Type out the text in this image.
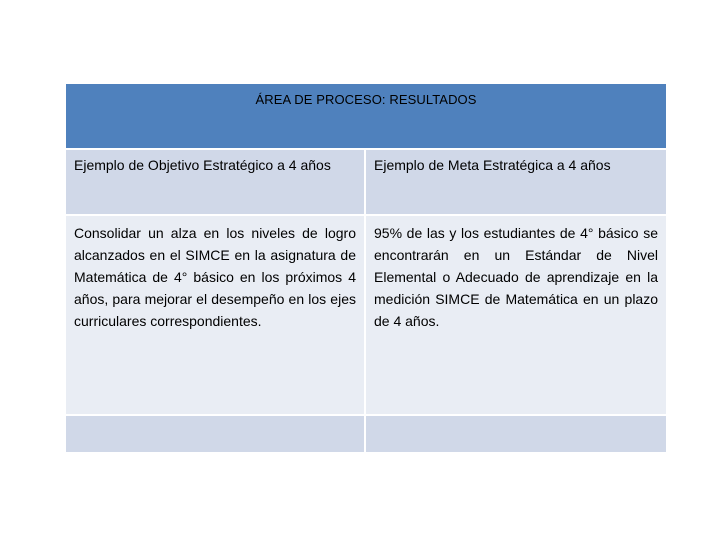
ÁREA DE PROCESO: RESULTADOS
Ejemplo de Objetivo Estratégico a 4 años	Ejemplo de Meta Estratégica a 4 años
Consolidar un alza en los niveles de logro alcanzados en el SIMCE en la asignatura de Matemática de 4° básico en los próximos 4 años, para mejorar el desempeño en los ejes curriculares correspondientes.
95% de las y los estudiantes de 4° básico se encontrarán en un Estándar de Nivel Elemental o Adecuado de aprendizaje en la medición SIMCE de Matemática en un plazo de 4 años.
